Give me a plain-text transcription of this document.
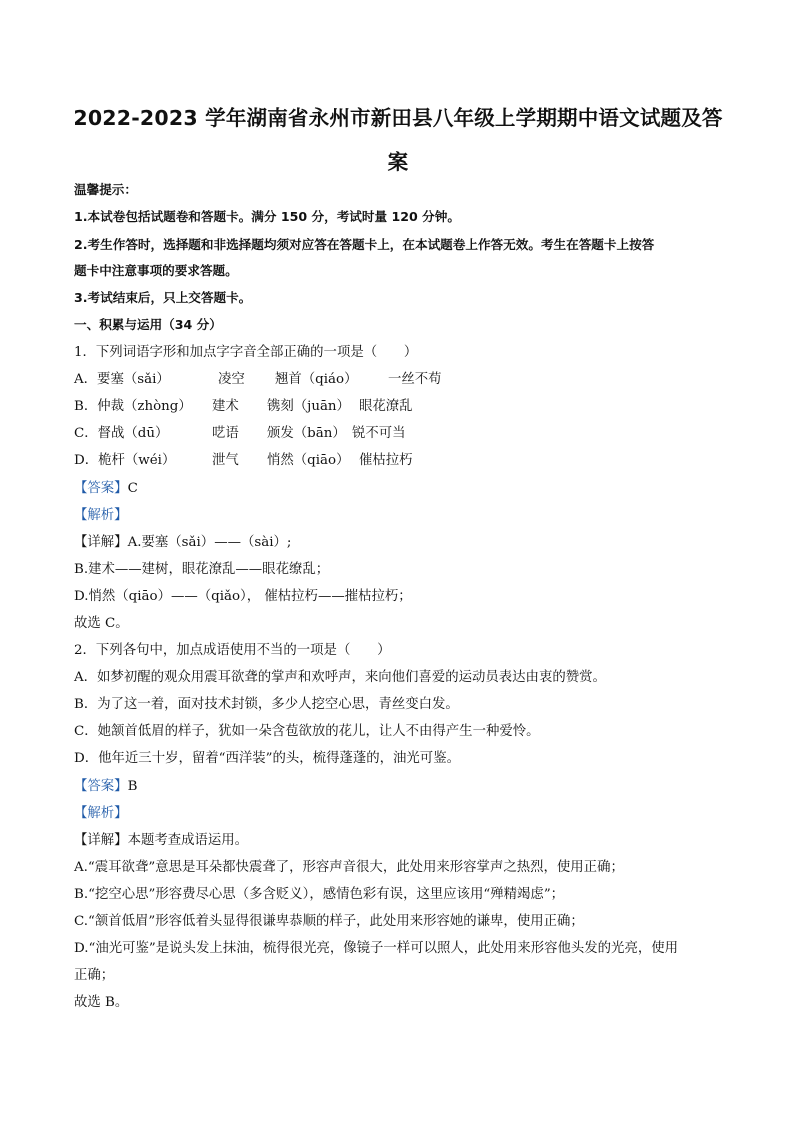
2022-2023 学年湖南省永州市新田县八年级上学期期中语文试题及答案
温馨提示：
1.本试卷包括试题卷和答题卡。满分 150 分，考试时量 120 分钟。
2.考生作答时，选择题和非选择题均须对应答在答题卡上，在本试题卷上作答无效。考生在答题卡上按答
题卡中注意事项的要求答题。
3.考试结束后，只上交答题卡。
一、积累与运用（34 分）
1．下列词语字形和加点字字音全部正确的一项是（　　）
A．要塞（sǎi）	凌空 翘首（qiáo） 一丝不苟
B．仲裁（zhòng） 建术 镌刻（juān） 眼花潦乱
C．督战（dū）	呓语 颁发（bān） 锐不可当
D．桅杆（wéi）	泄气 悄然（qiāo） 催枯拉朽
【答案】C
【解析】
【详解】A.要塞（sǎi）——（sài）;
B.建术——建树，眼花潦乱——眼花缭乱；
D.悄然（qiāo）——（qiǎo）， 催枯拉朽——摧枯拉朽；
故选 C。
2．下列各句中，加点成语使用不当的一项是（　　）
A．如梦初醒的观众用震耳欲聋的掌声和欢呼声，来向他们喜爱的运动员表达由衷的赞赏。
B．为了这一着，面对技术封锁，多少人挖空心思，青丝变白发。
C．她颔首低眉的样子，犹如一朵含苞欲放的花儿，让人不由得产生一种爱怜。
D．他年近三十岁，留着“西洋装”的头，梳得蓬蓬的，油光可鉴。
【答案】B
【解析】
【详解】本题考查成语运用。
A.“震耳欲聋”意思是耳朵都快震聋了，形容声音很大，此处用来形容掌声之热烈，使用正确；
B.“挖空心思”形容费尽心思（多含贬义），感情色彩有误，这里应该用“殚精竭虑”；
C.“颔首低眉”形容低着头显得很谦卑恭顺的样子，此处用来形容她的谦卑，使用正确；
D.“油光可鉴”是说头发上抹油，梳得很光亮，像镜子一样可以照人，此处用来形容他头发的光亮，使用
正确；
故选 B。
